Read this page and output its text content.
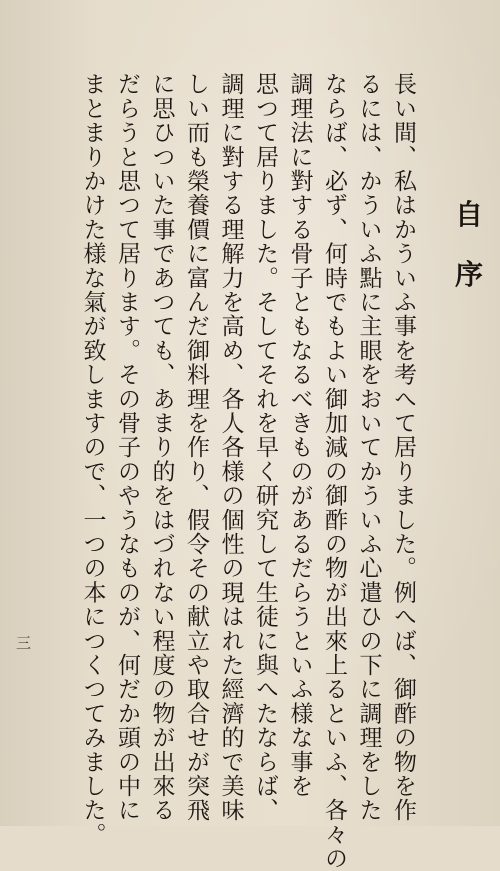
自
序
長い間、私はかういふ事を考へて居りました。例へば、御酢の物を作
るには、かういふ點に主眼をおいてかういふ心遣ひの下に調理をした
ならば、必ず、何時でもよい御加減の御酢の物が出來上るといふ、各々の
調理法に對する骨子ともなるべきものがあるだらうといふ様な事を
思つて居りました。そしてそれを早く研究して生徒に與へたならば、
調理に對する理解力を高め、各人各様の個性の現はれた經濟的で美味
しい而も榮養價に富んだ御料理を作り、假令その献立や取合せが突飛
に思ひついた事であつても、あまり的をはづれない程度の物が出來る
だらうと思つて居ります。その骨子のやうなものが、何だか頭の中に
まとまりかけた様な氣が致しますので、一つの本につくつてみました。
三
